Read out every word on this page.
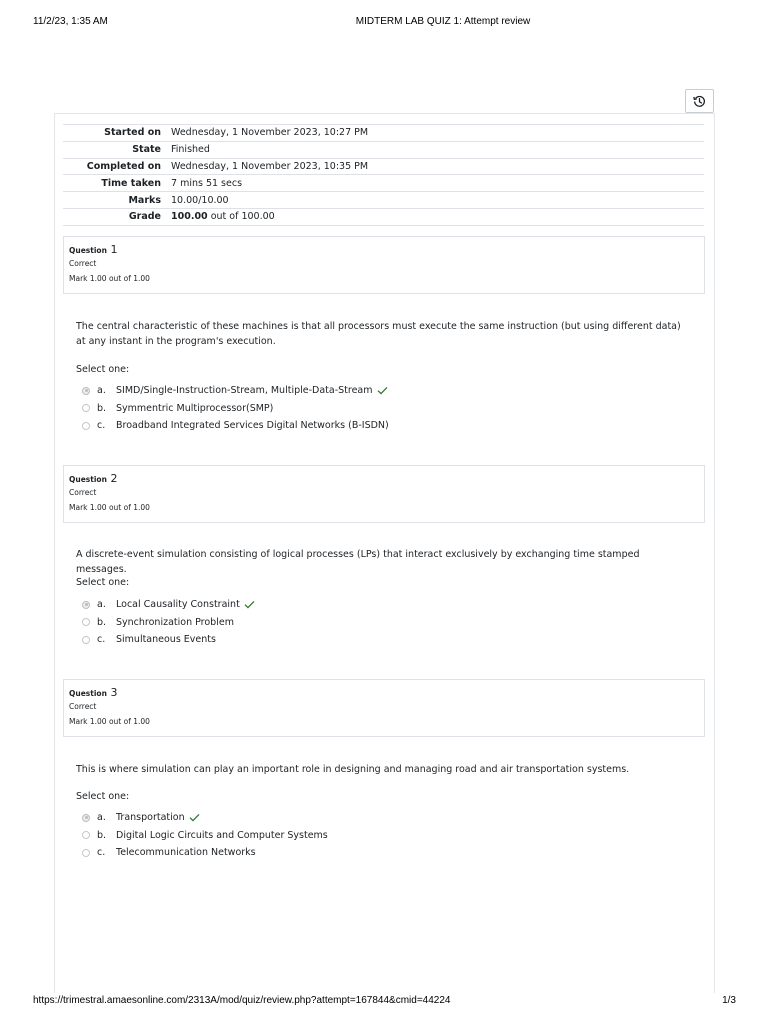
11/2/23, 1:35 AM	MIDTERM LAB QUIZ 1: Attempt review
Started on	Wednesday, 1 November 2023, 10:27 PM
State	Finished
Completed on	Wednesday, 1 November 2023, 10:35 PM
Time taken	7 mins 51 secs
Marks	10.00/10.00
Grade	100.00 out of 100.00
Question 1
Correct
Mark 1.00 out of 1.00
The central characteristic of these machines is that all processors must execute the same instruction (but using different data) at any instant in the program's execution.
Select one:
a.	SIMD/Single-Instruction-Stream, Multiple-Data-Stream
b.	Symmentric Multiprocessor(SMP)
c.	Broadband Integrated Services Digital Networks (B-ISDN)
Question 2
Correct
Mark 1.00 out of 1.00
A discrete-event simulation consisting of logical processes (LPs) that interact exclusively by exchanging time stamped messages.
Select one:
a.	Local Causality Constraint
b.	Synchronization Problem
c.	Simultaneous Events
Question 3
Correct
Mark 1.00 out of 1.00
This is where simulation can play an important role in designing and managing road and air transportation systems.
Select one:
a.	Transportation
b.	Digital Logic Circuits and Computer Systems
c.	Telecommunication Networks
https://trimestral.amaesonline.com/2313A/mod/quiz/review.php?attempt=167844&cmid=44224	1/3
